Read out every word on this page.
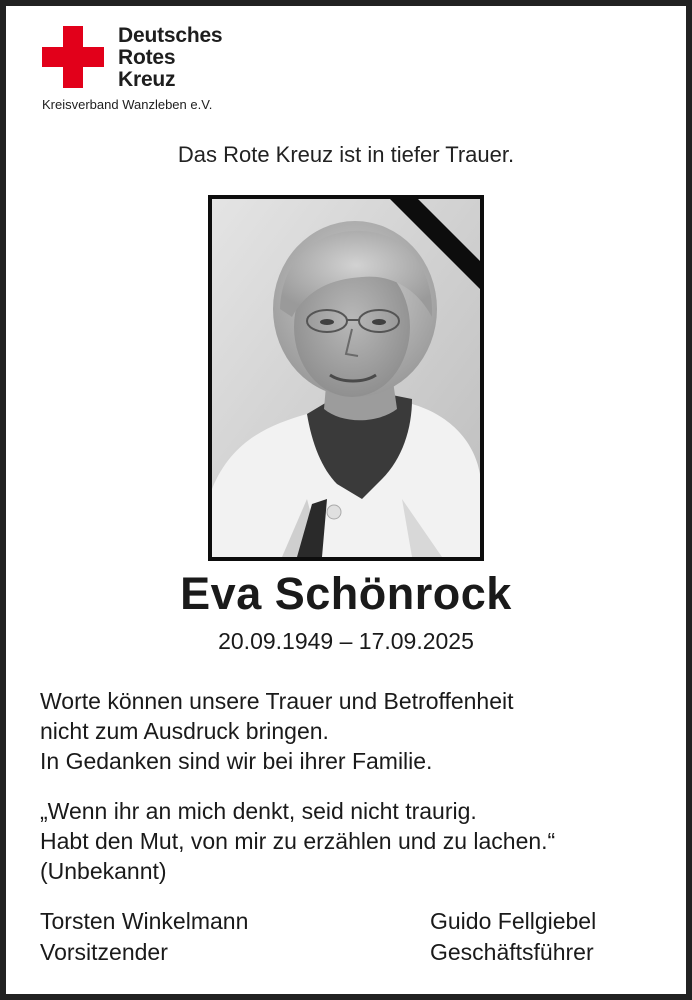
Deutsches
Rotes
Kreuz
Kreisverband Wanzleben e.V.
Das Rote Kreuz ist in tiefer Trauer.
Eva Schönrock
20.09.1949 – 17.09.2025
Worte können unsere Trauer und Betroffenheit
nicht zum Ausdruck bringen.
In Gedanken sind wir bei ihrer Familie.
„Wenn ihr an mich denkt, seid nicht traurig.
Habt den Mut, von mir zu erzählen und zu lachen.“
(Unbekannt)
Torsten Winkelmann
Vorsitzender
Guido Fellgiebel
Geschäftsführer
